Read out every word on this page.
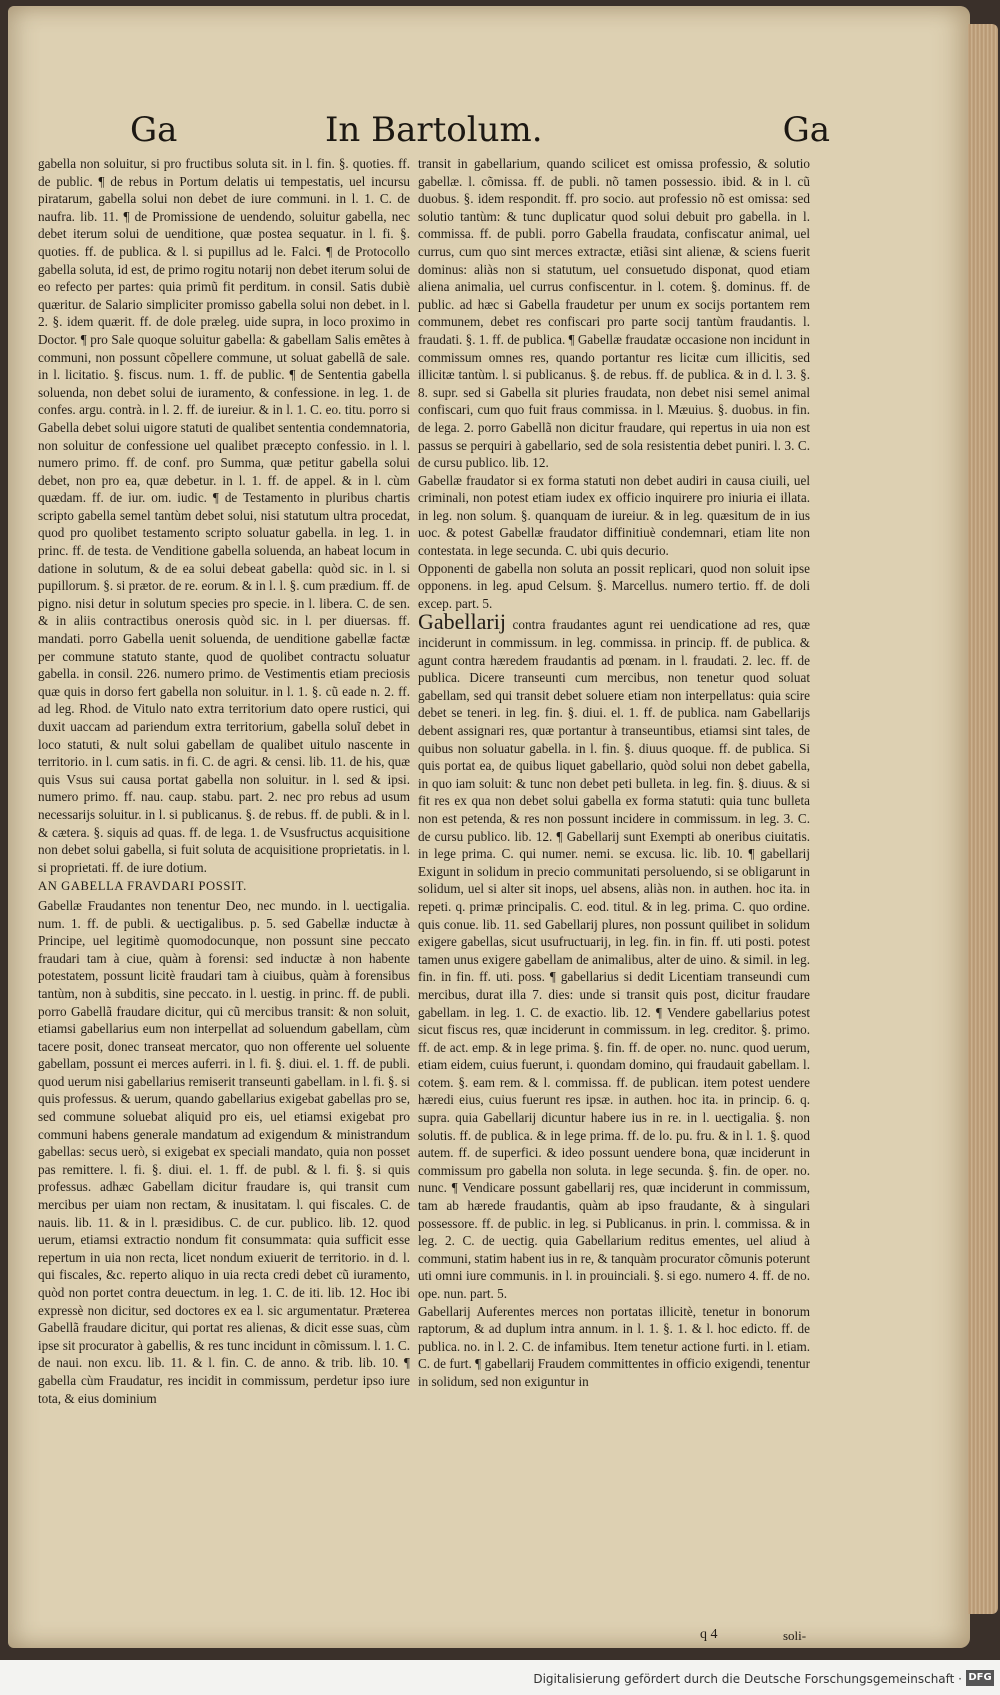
Ga	In Bartolum.	Ga

gabella non soluitur, si pro fructibus soluta sit. in l. fin. §. quoties. ff. de public. ¶ de rebus in Portum delatis ui tempestatis, uel incursu piratarum, gabella solui non debet de iure communi. in l. 1. C. de naufra. lib. 11. ¶ de Promissione de uendendo, soluitur gabella, nec debet iterum solui de uenditione, quæ postea sequatur. in l. fi. §. quoties. ff. de publica. & l. si pupillus ad le. Falci. ¶ de Protocollo gabella soluta, id est, de primo rogitu notarij non debet iterum solui de eo refecto per partes: quia primũ fit perditum. in consil. Satis dubiè quæritur. de Salario simpliciter promisso gabella solui non debet. in l. 2. §. idem quærit. ff. de dole præleg. uide supra, in loco proximo in Doctor. ¶ pro Sale quoque soluitur gabella: & gabellam Salis emẽtes à communi, non possunt cõpellere commune, ut soluat gabellã de sale. in l. licitatio. §. fiscus. num. 1. ff. de public. ¶ de Sententia gabella soluenda, non debet solui de iuramento, & confessione. in leg. 1. de confes. argu. contrà. in l. 2. ff. de iureiur. & in l. 1. C. eo. titu. porro si Gabella debet solui uigore statuti de qualibet sententia condemnatoria, non soluitur de confessione uel qualibet præcepto confessio. in l. l. numero primo. ff. de conf. pro Summa, quæ petitur gabella solui debet, non pro ea, quæ debetur. in l. 1. ff. de appel. & in l. cùm quædam. ff. de iur. om. iudic. ¶ de Testamento in pluribus chartis scripto gabella semel tantùm debet solui, nisi statutum ultra procedat, quod pro quolibet testamento scripto soluatur gabella. in leg. 1. in princ. ff. de testa. de Venditione gabella soluenda, an habeat locum in datione in solutum, & de ea solui debeat gabella: quòd sic. in l. si pupillorum. §. si prætor. de re. eorum. & in l. l. §. cum prædium. ff. de pigno. nisi detur in solutum species pro specie. in l. libera. C. de sen. & in aliis contractibus onerosis quòd sic. in l. per diuersas. ff. mandati. porro Gabella uenit soluenda, de uenditione gabellæ factæ per commune statuto stante, quod de quolibet contractu soluatur gabella. in consil. 226. numero primo. de Vestimentis etiam preciosis quæ quis in dorso fert gabella non soluitur. in l. 1. §. cũ eade n. 2. ff. ad leg. Rhod. de Vitulo nato extra territorium dato opere rustici, qui duxit uaccam ad pariendum extra territorium, gabella soluĩ debet in loco statuti, & nult solui gabellam de qualibet uitulo nascente in territorio. in l. cum satis. in fi. C. de agri. & censi. lib. 11. de his, quæ quis Vsus sui causa portat gabella non soluitur. in l. sed & ipsi. numero primo. ff. nau. caup. stabu. part. 2. nec pro rebus ad usum necessarijs soluitur. in l. si publicanus. §. de rebus. ff. de publi. & in l. & cætera. §. siquis ad quas. ff. de lega. 1. de Vsusfructus acquisitione non debet solui gabella, si fuit soluta de acquisitione proprietatis. in l. si proprietati. ff. de iure dotium.

AN GABELLA FRAVDARI POSSIT.

Gabellæ Fraudantes non tenentur Deo, nec mundo. in l. uectigalia. num. 1. ff. de publi. & uectigalibus. p. 5. sed Gabellæ inductæ à Principe, uel legitimè quomodocunque, non possunt sine peccato fraudari tam à ciue, quàm à forensi: sed inductæ à non habente potestatem, possunt licitè fraudari tam à ciuibus, quàm à forensibus tantùm, non à subditis, sine peccato. in l. uestig. in princ. ff. de publi. porro Gabellã fraudare dicitur, qui cũ mercibus transit: & non soluit, etiamsi gabellarius eum non interpellat ad soluendum gabellam, cùm tacere posit, donec transeat mercator, quo non offerente uel soluente gabellam, possunt ei merces auferri. in l. fi. §. diui. el. 1. ff. de publi. quod uerum nisi gabellarius remiserit transeunti gabellam. in l. fi. §. si quis professus. & uerum, quando gabellarius exigebat gabellas pro se, sed commune soluebat aliquid pro eis, uel etiamsi exigebat pro communi habens generale mandatum ad exigendum & ministrandum gabellas: secus uerò, si exigebat ex speciali mandato, quia non posset pas remittere. l. fi. §. diui. el. 1. ff. de publ. & l. fi. §. si quis professus. adhæc Gabellam dicitur fraudare is, qui transit cum mercibus per uiam non rectam, & inusitatam. l. qui fiscales. C. de nauis. lib. 11. & in l. præsidibus. C. de cur. publico. lib. 12. quod uerum, etiamsi extractio nondum fit consummata: quia sufficit esse repertum in uia non recta, licet nondum exiuerit de territorio. in d. l. qui fiscales, &c. reperto aliquo in uia recta credi debet cũ iuramento, quòd non portet contra deuectum. in leg. 1. C. de iti. lib. 12. Hoc ibi expressè non dicitur, sed doctores ex ea l. sic argumentatur. Præterea Gabellã fraudare dicitur, qui portat res alienas, & dicit esse suas, cùm ipse sit procurator à gabellis, & res tunc incidunt in cõmissum. l. 1. C. de naui. non excu. lib. 11. & l. fin. C. de anno. & trib. lib. 10. ¶ gabella cùm Fraudatur, res incidit in commissum, perdetur ipso iure tota, & eius dominium

transit in gabellarium, quando scilicet est omissa professio, & solutio gabellæ. l. cõmissa. ff. de publi. nõ tamen possessio. ibid. & in l. cũ duobus. §. idem respondit. ff. pro socio. aut professio nõ est omissa: sed solutio tantùm: & tunc duplicatur quod solui debuit pro gabella. in l. commissa. ff. de publi. porro Gabella fraudata, confiscatur animal, uel currus, cum quo sint merces extractæ, etiãsi sint alienæ, & sciens fuerit dominus: aliàs non si statutum, uel consuetudo disponat, quod etiam aliena animalia, uel currus confiscentur. in l. cotem. §. dominus. ff. de public. ad hæc si Gabella fraudetur per unum ex socijs portantem rem communem, debet res confiscari pro parte socij tantùm fraudantis. l. fraudati. §. 1. ff. de publica. ¶ Gabellæ fraudatæ occasione non incidunt in commissum omnes res, quando portantur res licitæ cum illicitis, sed illicitæ tantùm. l. si publicanus. §. de rebus. ff. de publica. & in d. l. 3. §. 8. supr. sed si Gabella sit pluries fraudata, non debet nisi semel animal confiscari, cum quo fuit fraus commissa. in l. Mæuius. §. duobus. in fin. de lega. 2. porro Gabellã non dicitur fraudare, qui repertus in uia non est passus se perquiri à gabellario, sed de sola resistentia debet puniri. l. 3. C. de cursu publico. lib. 12.

Gabellæ fraudator si ex forma statuti non debet audiri in causa ciuili, uel criminali, non potest etiam iudex ex officio inquirere pro iniuria ei illata. in leg. non solum. §. quanquam de iureiur. & in leg. quæsitum de in ius uoc. & potest Gabellæ fraudator diffinitiuè condemnari, etiam lite non contestata. in lege secunda. C. ubi quis decurio.

Opponenti de gabella non soluta an possit replicari, quod non soluit ipse opponens. in leg. apud Celsum. §. Marcellus. numero tertio. ff. de doli excep. part. 5.

Gabellarij contra fraudantes agunt rei uendicatione ad res, quæ inciderunt in commissum. in leg. commissa. in princip. ff. de publica. & agunt contra hæredem fraudantis ad pœnam. in l. fraudati. 2. lec. ff. de publica. Dicere transeunti cum mercibus, non tenetur quod soluat gabellam, sed qui transit debet soluere etiam non interpellatus: quia scire debet se teneri. in leg. fin. §. diui. el. 1. ff. de publica. nam Gabellarijs debent assignari res, quæ portantur à transeuntibus, etiamsi sint tales, de quibus non soluatur gabella. in l. fin. §. diuus quoque. ff. de publica. Si quis portat ea, de quibus liquet gabellario, quòd solui non debet gabella, in quo iam soluit: & tunc non debet peti bulleta. in leg. fin. §. diuus. & si fit res ex qua non debet solui gabella ex forma statuti: quia tunc bulleta non est petenda, & res non possunt incidere in commissum. in leg. 3. C. de cursu publico. lib. 12. ¶ Gabellarij sunt Exempti ab oneribus ciuitatis. in lege prima. C. qui numer. nemi. se excusa. lic. lib. 10. ¶ gabellarij Exigunt in solidum in precio communitati persoluendo, si se obligarunt in solidum, uel si alter sit inops, uel absens, aliàs non. in authen. hoc ita. in repeti. q. primæ principalis. C. eod. titul. & in leg. prima. C. quo ordine. quis conue. lib. 11. sed Gabellarij plures, non possunt quilibet in solidum exigere gabellas, sicut usufructuarij, in leg. fin. in fin. ff. uti posti. potest tamen unus exigere gabellam de animalibus, alter de uino. & simil. in leg. fin. in fin. ff. uti. poss. ¶ gabellarius si dedit Licentiam transeundi cum mercibus, durat illa 7. dies: unde si transit quis post, dicitur fraudare gabellam. in leg. 1. C. de exactio. lib. 12. ¶ Vendere gabellarius potest sicut fiscus res, quæ inciderunt in commissum. in leg. creditor. §. primo. ff. de act. emp. & in lege prima. §. fin. ff. de oper. no. nunc. quod uerum, etiam eidem, cuius fuerunt, i. quondam domino, qui fraudauit gabellam. l. cotem. §. eam rem. & l. commissa. ff. de publican. item potest uendere hæredi eius, cuius fuerunt res ipsæ. in authen. hoc ita. in princip. 6. q. supra. quia Gabellarij dicuntur habere ius in re. in l. uectigalia. §. non solutis. ff. de publica. & in lege prima. ff. de lo. pu. fru. & in l. 1. §. quod autem. ff. de superfici. & ideo possunt uendere bona, quæ inciderunt in commissum pro gabella non soluta. in lege secunda. §. fin. de oper. no. nunc. ¶ Vendicare possunt gabellarij res, quæ inciderunt in commissum, tam ab hærede fraudantis, quàm ab ipso fraudante, & à singulari possessore. ff. de public. in leg. si Publicanus. in prin. l. commissa. & in leg. 2. C. de uectig. quia Gabellarium reditus ementes, uel aliud à communi, statim habent ius in re, & tanquàm procurator cõmunis poterunt uti omni iure communis. in l. in prouinciali. §. si ego. numero 4. ff. de no. ope. nun. part. 5.

Gabellarij Auferentes merces non portatas illicitè, tenetur in bonorum raptorum, & ad duplum intra annum. in l. 1. §. 1. & l. hoc edicto. ff. de publica. no. in l. 2. C. de infamibus. Item tenetur actione furti. in l. etiam. C. de furt. ¶ gabellarij Fraudem committentes in officio exigendi, tenentur in solidum, sed non exiguntur in

q 4	soli-
Digitalisierung gefördert durch die Deutsche Forschungsgemeinschaft · DFG
